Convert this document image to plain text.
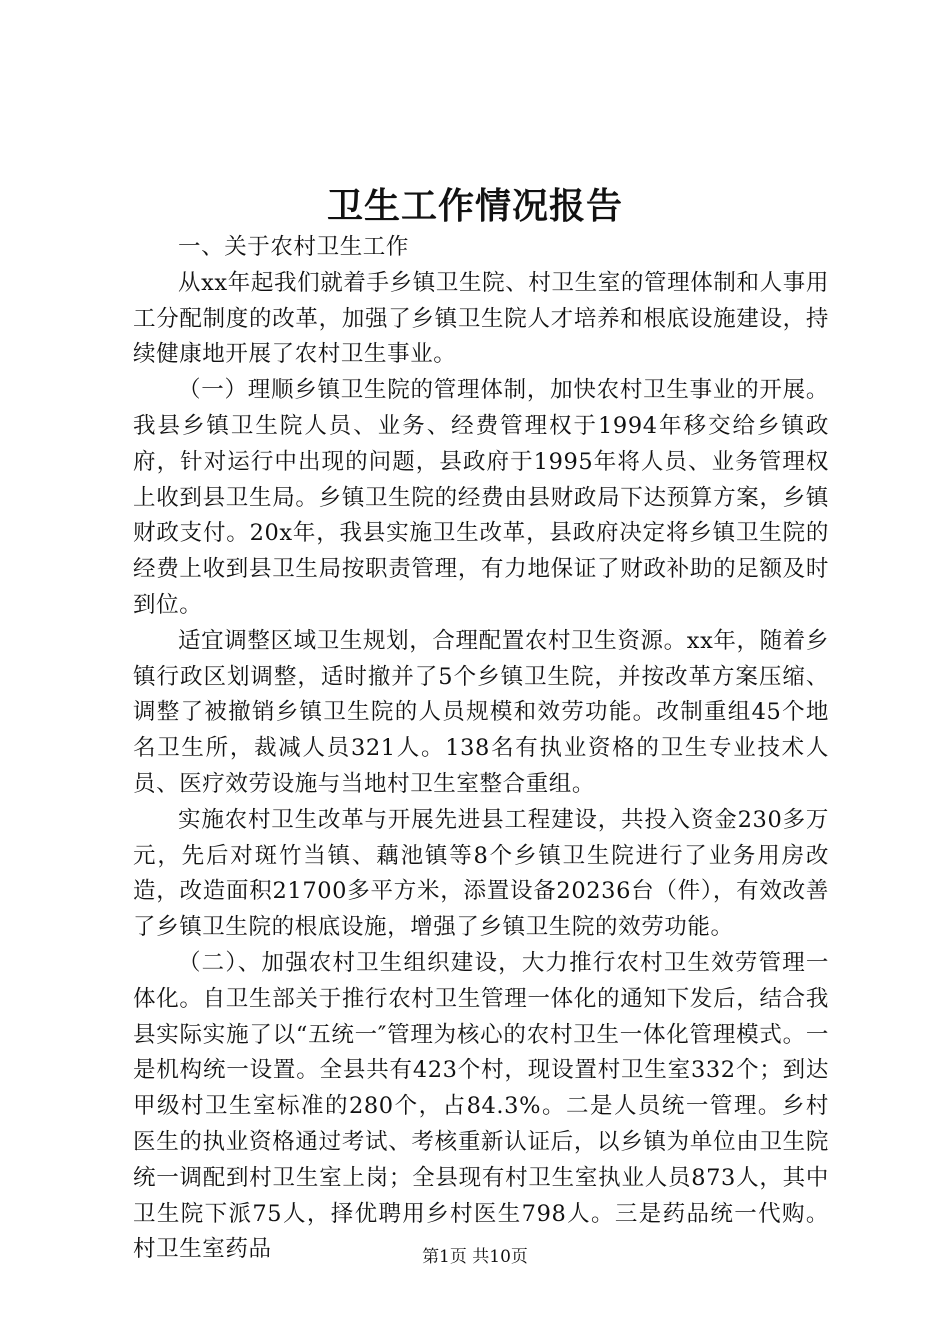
卫生工作情况报告

一、关于农村卫生工作

从xx年起我们就着手乡镇卫生院、村卫生室的管理体制和人事用工分配制度的改革，加强了乡镇卫生院人才培养和根底设施建设，持续健康地开展了农村卫生事业。

（一）理顺乡镇卫生院的管理体制，加快农村卫生事业的开展。我县乡镇卫生院人员、业务、经费管理权于1994年移交给乡镇政府，针对运行中出现的问题，县政府于1995年将人员、业务管理权上收到县卫生局。乡镇卫生院的经费由县财政局下达预算方案，乡镇财政支付。20x年，我县实施卫生改革，县政府决定将乡镇卫生院的经费上收到县卫生局按职责管理，有力地保证了财政补助的足额及时到位。

适宜调整区域卫生规划，合理配置农村卫生资源。xx年，随着乡镇行政区划调整，适时撤并了5个乡镇卫生院，并按改革方案压缩、调整了被撤销乡镇卫生院的人员规模和效劳功能。改制重组45个地名卫生所，裁减人员321人。138名有执业资格的卫生专业技术人员、医疗效劳设施与当地村卫生室整合重组。

实施农村卫生改革与开展先进县工程建设，共投入资金230多万元，先后对斑竹当镇、藕池镇等8个乡镇卫生院进行了业务用房改造，改造面积21700多平方米，添置设备20236台（件），有效改善了乡镇卫生院的根底设施，增强了乡镇卫生院的效劳功能。

（二）、加强农村卫生组织建设，大力推行农村卫生效劳管理一体化。自卫生部关于推行农村卫生管理一体化的通知下发后，结合我县实际实施了以“五统一″管理为核心的农村卫生一体化管理模式。一是机构统一设置。全县共有423个村，现设置村卫生室332个；到达甲级村卫生室标准的280个，占84.3%。二是人员统一管理。乡村医生的执业资格通过考试、考核重新认证后，以乡镇为单位由卫生院统一调配到村卫生室上岗；全县现有村卫生室执业人员873人，其中卫生院下派75人，择优聘用乡村医生798人。三是药品统一代购。村卫生室药品	第1页 共10页
